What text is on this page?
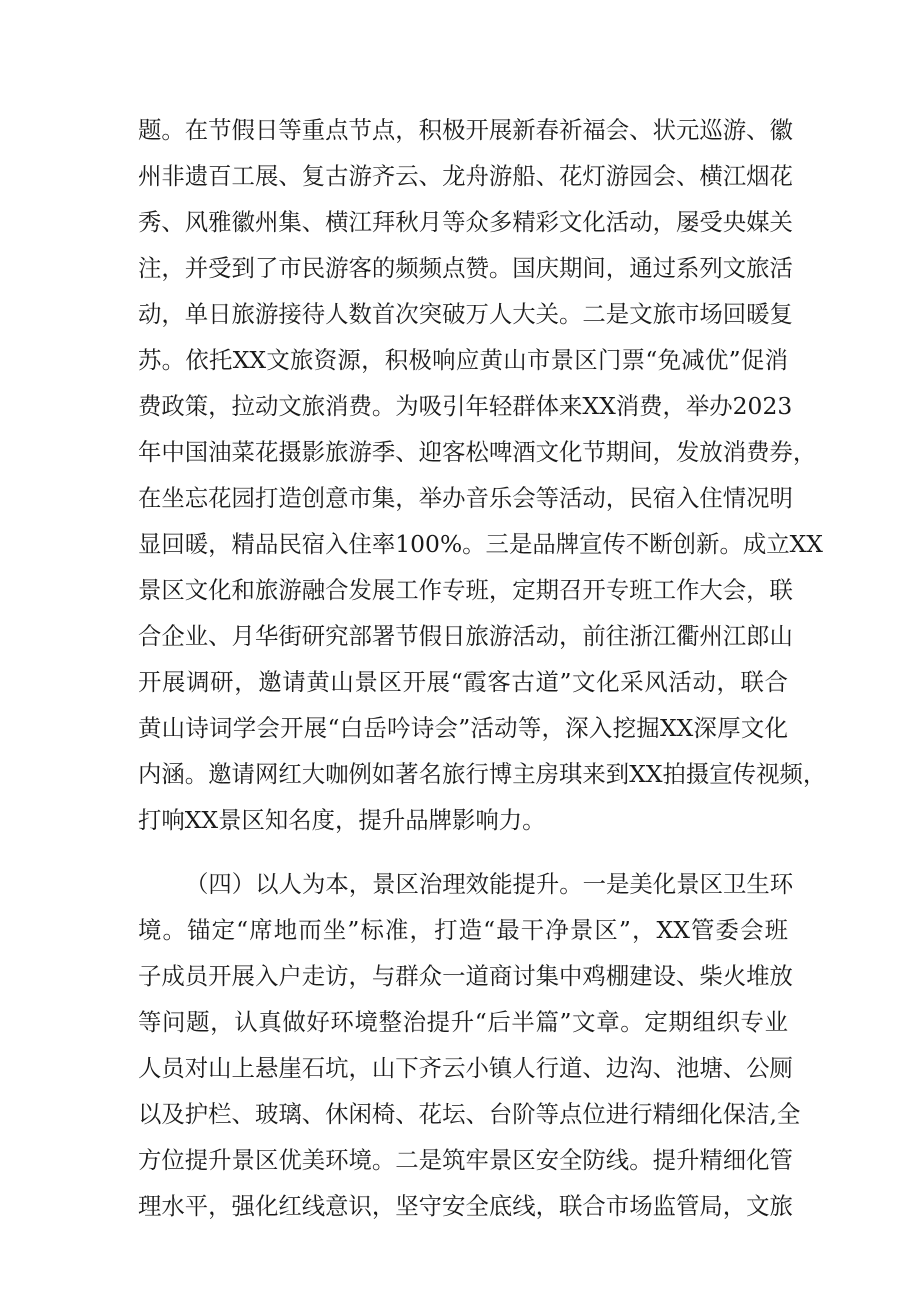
题。在节假日等重点节点，积极开展新春祈福会、状元巡游、徽
州非遗百工展、复古游齐云、龙舟游船、花灯游园会、横江烟花
秀、风雅徽州集、横江拜秋月等众多精彩文化活动，屡受央媒关
注，并受到了市民游客的频频点赞。国庆期间，通过系列文旅活
动，单日旅游接待人数首次突破万人大关。二是文旅市场回暖复
苏。依托XX文旅资源，积极响应黄山市景区门票“免减优”促消
费政策，拉动文旅消费。为吸引年轻群体来XX消费，举办2023
年中国油菜花摄影旅游季、迎客松啤酒文化节期间，发放消费券，
在坐忘花园打造创意市集，举办音乐会等活动，民宿入住情况明
显回暖，精品民宿入住率100%。三是品牌宣传不断创新。成立XX
景区文化和旅游融合发展工作专班，定期召开专班工作大会，联
合企业、月华街研究部署节假日旅游活动，前往浙江衢州江郎山
开展调研，邀请黄山景区开展“霞客古道”文化采风活动，联合
黄山诗词学会开展“白岳吟诗会”活动等，深入挖掘XX深厚文化
内涵。邀请网红大咖例如著名旅行博主房琪来到XX拍摄宣传视频，
打响XX景区知名度，提升品牌影响力。
（四）以人为本，景区治理效能提升。一是美化景区卫生环
境。锚定“席地而坐”标准，打造“最干净景区”，XX管委会班
子成员开展入户走访，与群众一道商讨集中鸡棚建设、柴火堆放
等问题，认真做好环境整治提升“后半篇”文章。定期组织专业
人员对山上悬崖石坑，山下齐云小镇人行道、边沟、池塘、公厕
以及护栏、玻璃、休闲椅、花坛、台阶等点位进行精细化保洁,全
方位提升景区优美环境。二是筑牢景区安全防线。提升精细化管
理水平，强化红线意识，坚守安全底线，联合市场监管局，文旅
